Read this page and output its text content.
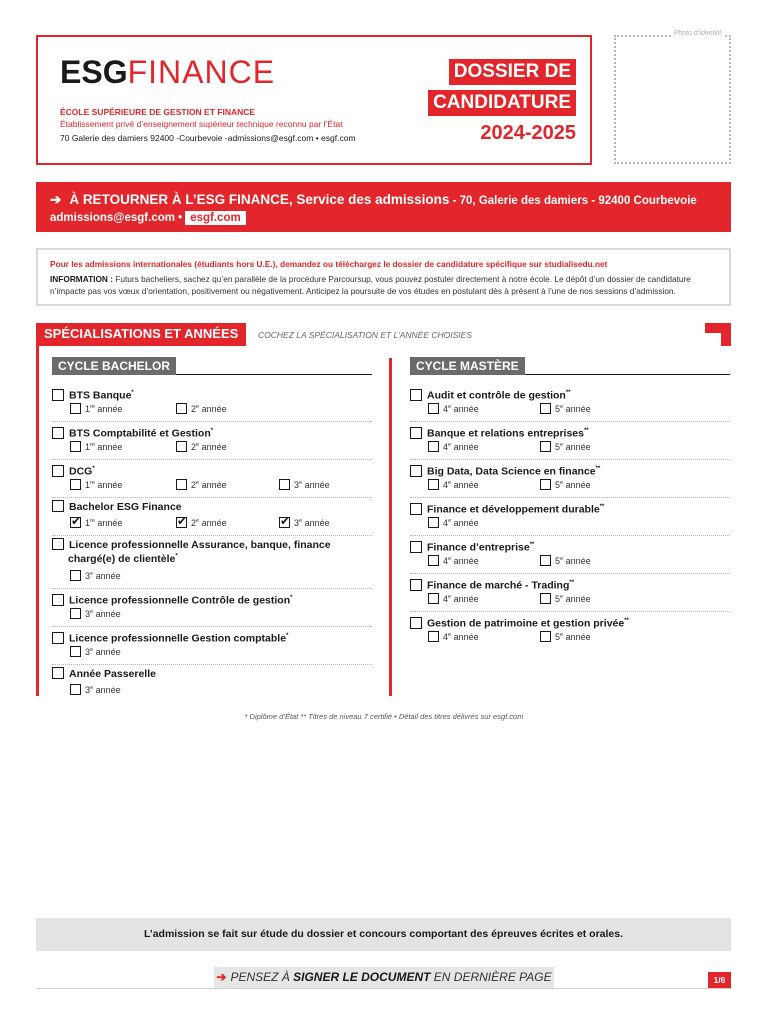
ESGFINANCE
ÉCOLE SUPÉRIEURE DE GESTION ET FINANCE
Établissement privé d’enseignement supérieur technique reconnu par l’État
70 Galerie des damiers 92400 -Courbevoie -admissions@esgf.com • esgf.com
DOSSIER DE
CANDIDATURE
2024-2025
Photo d’identité
➔ À RETOURNER À L’ESG FINANCE, Service des admissions - 70, Galerie des damiers - 92400 Courbevoie
admissions@esgf.com • esgf.com
Pour les admissions internationales (étudiants hors U.E.), demandez ou téléchargez le dossier de candidature spécifique sur studialisedu.net
INFORMATION : Futurs bacheliers, sachez qu’en parallèle de la procédure Parcoursup, vous pouvez postuler directement à notre école. Le dépôt d’un dossier de candidature n’impacte pas vos vœux d’orientation, positivement ou négativement. Anticipez la poursuite de vos études en postulant dès à présent à l’une de nos sessions d’admission.
SPÉCIALISATIONS ET ANNÉES	COCHEZ LA SPÉCIALISATION ET L’ANNÉE CHOISIES
CYCLE BACHELOR
BTS Banque*
1re année	2e année
BTS Comptabilité et Gestion*
1re année	2e année
DCG*
1re année	2e année	3e année
Bachelor ESG Finance
✔1re année ✔	2e année ✔	3e année
Licence professionnelle Assurance, banque, finance
chargé(e) de clientèle*
3e année
Licence professionnelle Contrôle de gestion*
3e année
Licence professionnelle Gestion comptable*
3e année
Année Passerelle
3e année
CYCLE MASTÈRE
Audit et contrôle de gestion**
4e année	5e année
Banque et relations entreprises**
4e année	5e année
Big Data, Data Science en finance**
4e année	5e année
Finance et développement durable**
4e année
Finance d’entreprise**
4e année	5e année
Finance de marché - Trading**
4e année	5e année
Gestion de patrimoine et gestion privée**
4e année	5e année
* Diplôme d’État ** Titres de niveau 7 certifié • Détail des titres délivrés sur esgf.com
L’admission se fait sur étude du dossier et concours comportant des épreuves écrites et orales.
➔ PENSEZ À SIGNER LE DOCUMENT EN DERNIÈRE PAGE	1/6
